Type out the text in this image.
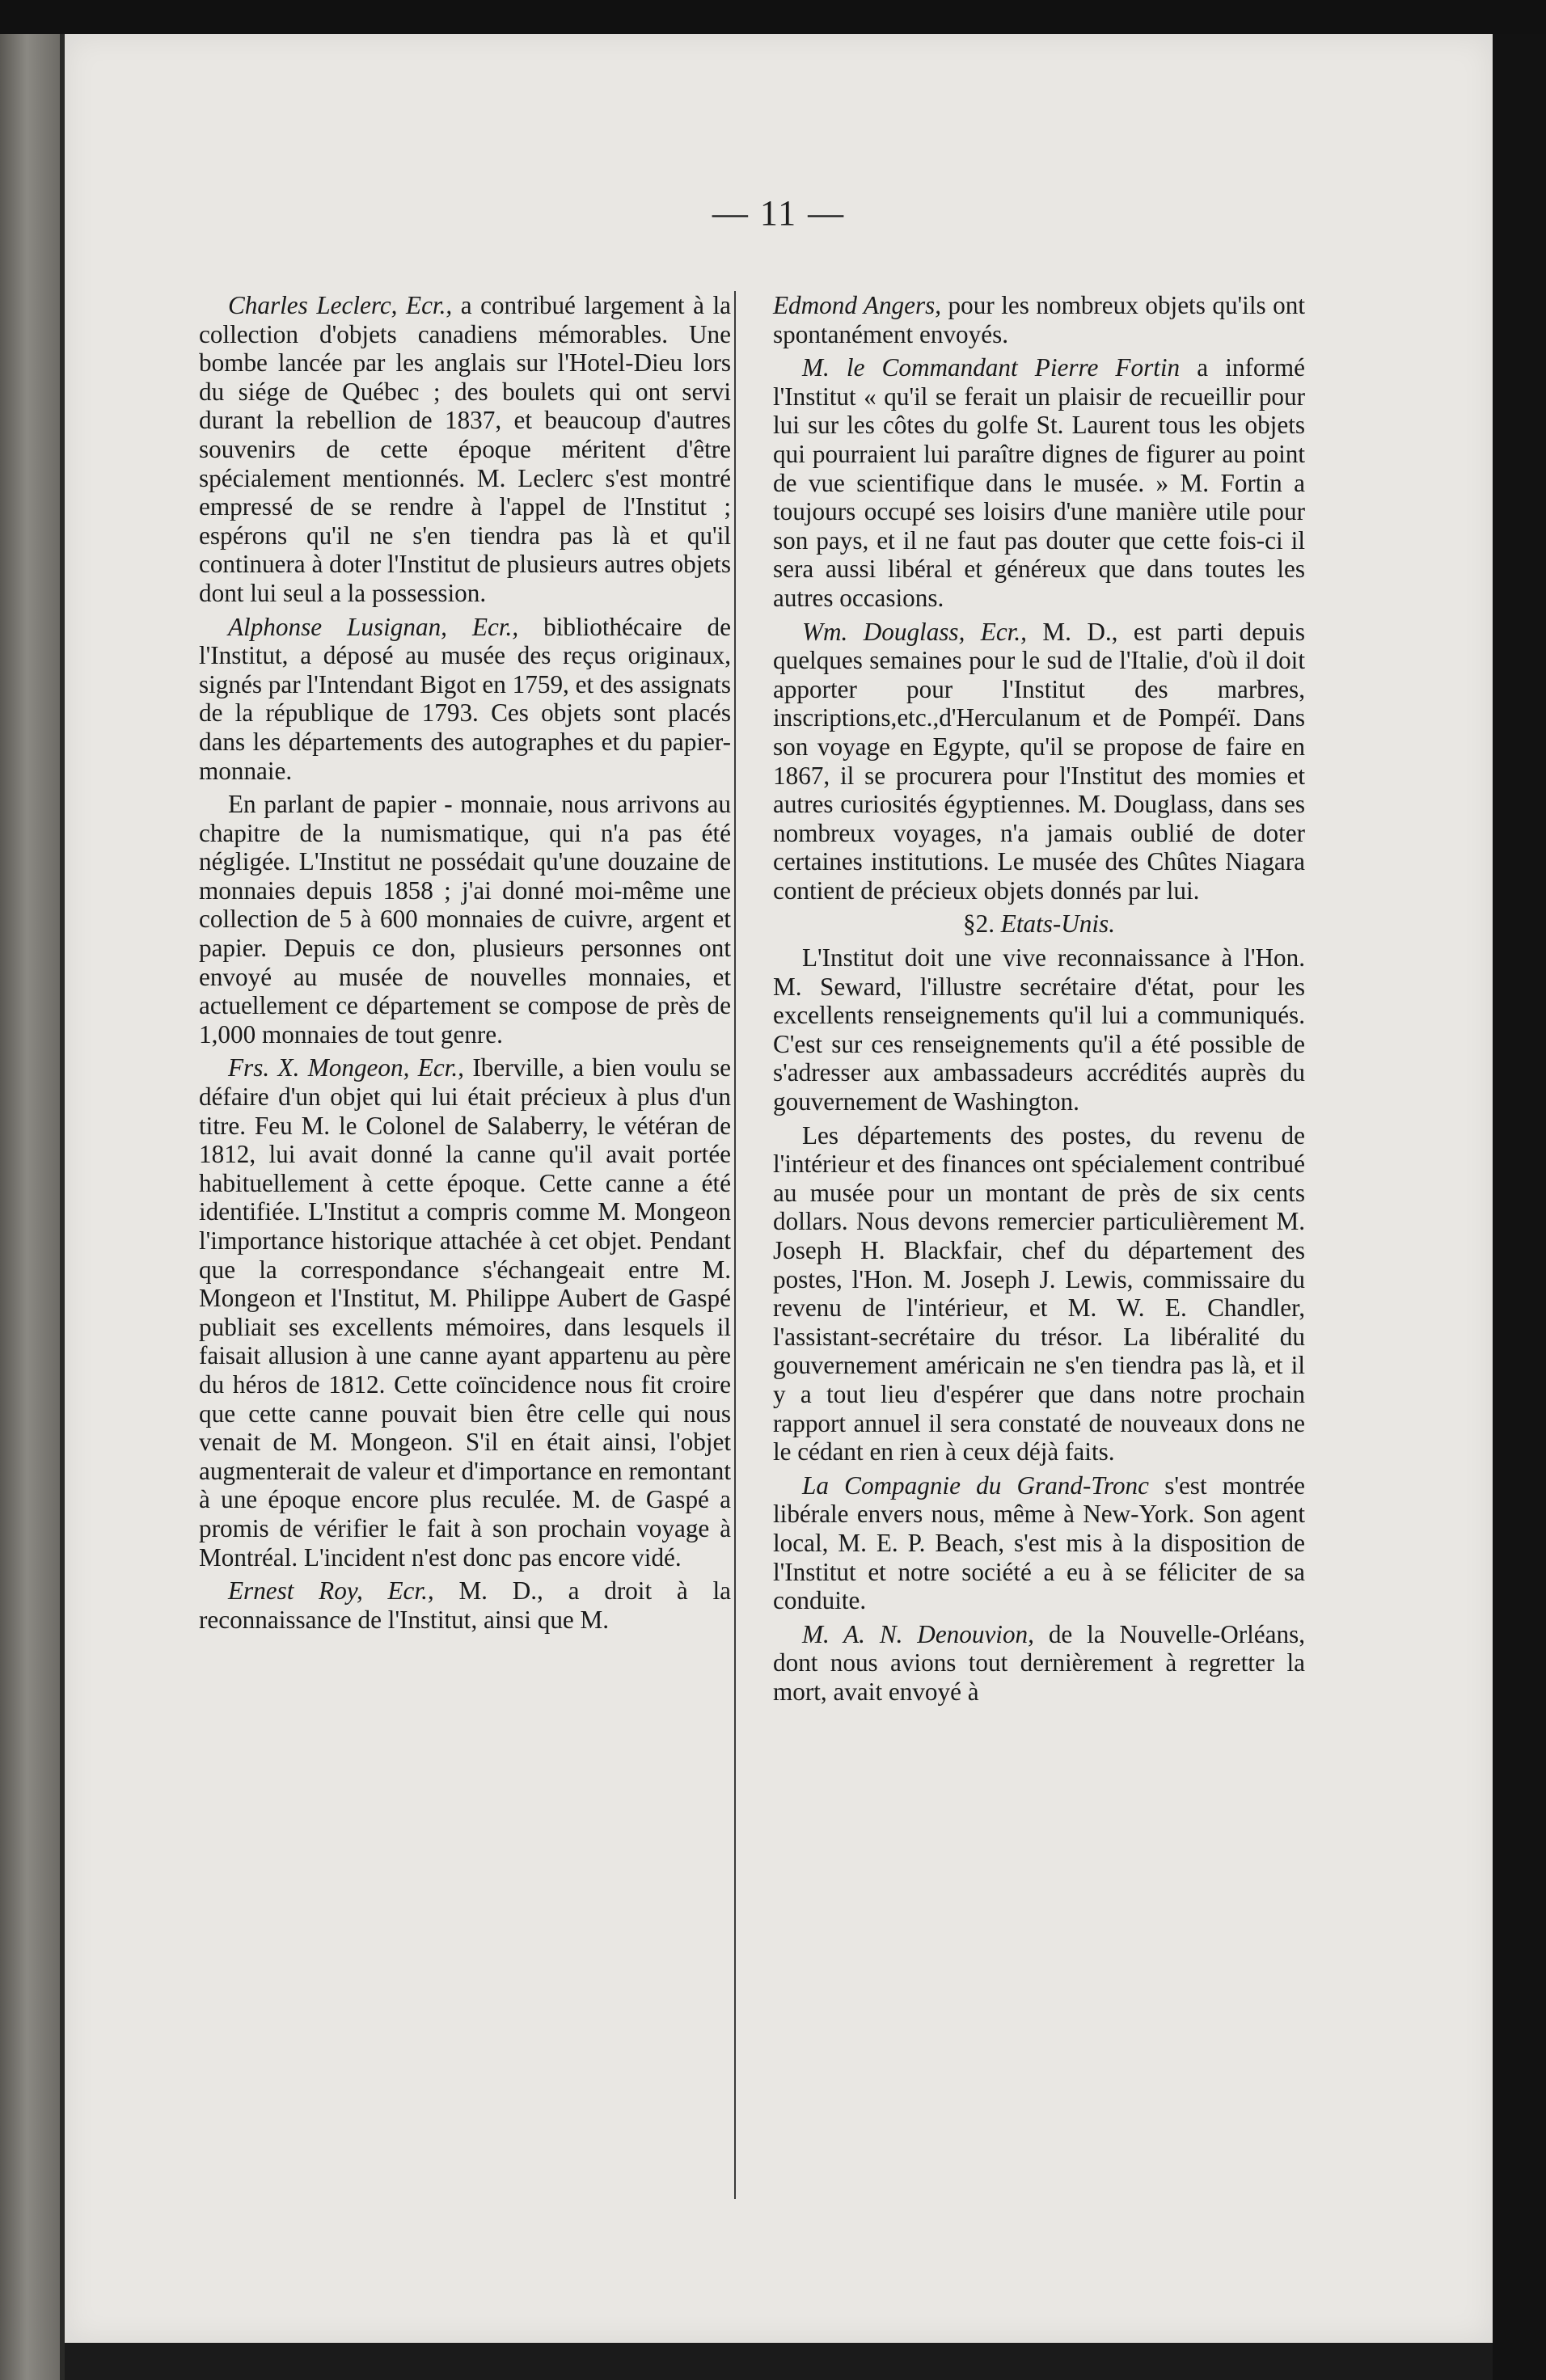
— 11 —

Charles Leclerc, Ecr., a contribué largement à la collection d'objets canadiens mémorables. Une bombe lancée par les anglais sur l'Hotel-Dieu lors du siége de Québec ; des boulets qui ont servi durant la rebellion de 1837, et beaucoup d'autres souvenirs de cette époque méritent d'être spécialement mentionnés. M. Leclerc s'est montré empressé de se rendre à l'appel de l'Institut ; espérons qu'il ne s'en tiendra pas là et qu'il continuera à doter l'Institut de plusieurs autres objets dont lui seul a la possession.

Alphonse Lusignan, Ecr., bibliothécaire de l'Institut, a déposé au musée des reçus originaux, signés par l'Intendant Bigot en 1759, et des assignats de la république de 1793. Ces objets sont placés dans les départements des autographes et du papier-monnaie.

En parlant de papier - monnaie, nous arrivons au chapitre de la numismatique, qui n'a pas été négligée. L'Institut ne possédait qu'une douzaine de monnaies depuis 1858 ; j'ai donné moi-même une collection de 5 à 600 monnaies de cuivre, argent et papier. Depuis ce don, plusieurs personnes ont envoyé au musée de nouvelles monnaies, et actuellement ce département se compose de près de 1,000 monnaies de tout genre.

Frs. X. Mongeon, Ecr., Iberville, a bien voulu se défaire d'un objet qui lui était précieux à plus d'un titre. Feu M. le Colonel de Salaberry, le vétéran de 1812, lui avait donné la canne qu'il avait portée habituellement à cette époque. Cette canne a été identifiée. L'Institut a compris comme M. Mongeon l'importance historique attachée à cet objet. Pendant que la correspondance s'échangeait entre M. Mongeon et l'Institut, M. Philippe Aubert de Gaspé publiait ses excellents mémoires, dans lesquels il faisait allusion à une canne ayant appartenu au père du héros de 1812. Cette coïncidence nous fit croire que cette canne pouvait bien être celle qui nous venait de M. Mongeon. S'il en était ainsi, l'objet augmenterait de valeur et d'importance en remontant à une époque encore plus reculée. M. de Gaspé a promis de vérifier le fait à son prochain voyage à Montréal. L'incident n'est donc pas encore vidé.

Ernest Roy, Ecr., M. D., a droit à la reconnaissance de l'Institut, ainsi que M.

Edmond Angers, pour les nombreux objets qu'ils ont spontanément envoyés.

M. le Commandant Pierre Fortin a informé l'Institut « qu'il se ferait un plaisir de recueillir pour lui sur les côtes du golfe St. Laurent tous les objets qui pourraient lui paraître dignes de figurer au point de vue scientifique dans le musée. » M. Fortin a toujours occupé ses loisirs d'une manière utile pour son pays, et il ne faut pas douter que cette fois-ci il sera aussi libéral et généreux que dans toutes les autres occasions.

Wm. Douglass, Ecr., M. D., est parti depuis quelques semaines pour le sud de l'Italie, d'où il doit apporter pour l'Institut des marbres, inscriptions,etc.,d'Herculanum et de Pompéï. Dans son voyage en Egypte, qu'il se propose de faire en 1867, il se procurera pour l'Institut des momies et autres curiosités égyptiennes. M. Douglass, dans ses nombreux voyages, n'a jamais oublié de doter certaines institutions. Le musée des Chûtes Niagara contient de précieux objets donnés par lui.

§2. Etats-Unis.

L'Institut doit une vive reconnaissance à l'Hon. M. Seward, l'illustre secrétaire d'état, pour les excellents renseignements qu'il lui a communiqués. C'est sur ces renseignements qu'il a été possible de s'adresser aux ambassadeurs accrédités auprès du gouvernement de Washington.

Les départements des postes, du revenu de l'intérieur et des finances ont spécialement contribué au musée pour un montant de près de six cents dollars. Nous devons remercier particulièrement M. Joseph H. Blackfair, chef du département des postes, l'Hon. M. Joseph J. Lewis, commissaire du revenu de l'intérieur, et M. W. E. Chandler, l'assistant-secrétaire du trésor. La libéralité du gouvernement américain ne s'en tiendra pas là, et il y a tout lieu d'espérer que dans notre prochain rapport annuel il sera constaté de nouveaux dons ne le cédant en rien à ceux déjà faits.

La Compagnie du Grand-Tronc s'est montrée libérale envers nous, même à New-York. Son agent local, M. E. P. Beach, s'est mis à la disposition de l'Institut et notre société a eu à se féliciter de sa conduite.

M. A. N. Denouvion, de la Nouvelle-Orléans, dont nous avions tout dernièrement à regretter la mort, avait envoyé à
